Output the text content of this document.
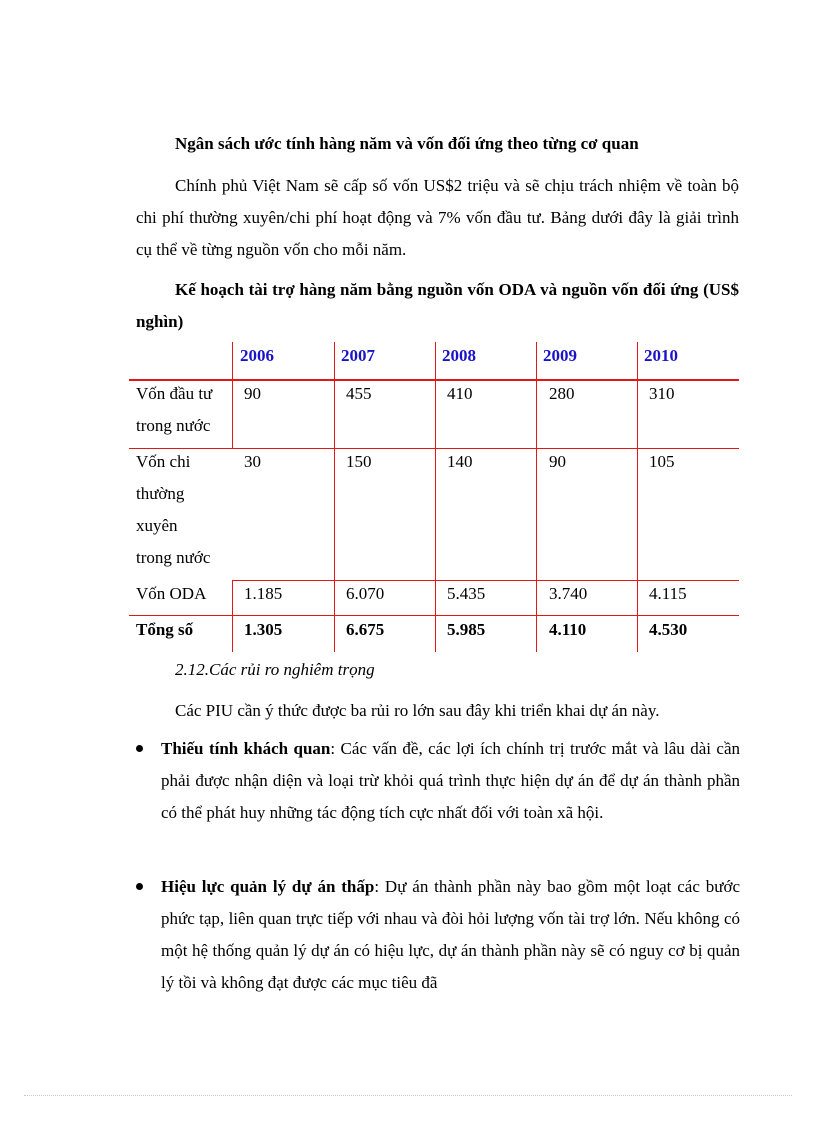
Ngân sách ước tính hàng năm và vốn đối ứng theo từng cơ quan
Chính phủ Việt Nam sẽ cấp số vốn US$2 triệu và sẽ chịu trách nhiệm về toàn bộ chi phí thường xuyên/chi phí hoạt động và 7% vốn đầu tư. Bảng dưới đây là giải trình cụ thể về từng nguồn vốn cho mỗi năm.
Kế hoạch tài trợ hàng năm bằng nguồn vốn ODA và nguồn vốn đối ứng (US$ nghìn)
2006	2007	2008	2009	2010
Vốn đầu tư
trong nước
90	455	410	280	310
Vốn chi
thường
xuyên
trong nước
30	150	140	90	105
Vốn ODA	1.185	6.070	5.435	3.740	4.115
Tổng số	1.305	6.675	5.985	4.110	4.530
2.12.Các rủi ro nghiêm trọng
Các PIU cần ý thức được ba rủi ro lớn sau đây khi triển khai dự án này.
Thiếu tính khách quan: Các vấn đề, các lợi ích chính trị trước mắt và lâu dài cần phải được nhận diện và loại trừ khỏi quá trình thực hiện dự án để dự án thành phần có thể phát huy những tác động tích cực nhất đối với toàn xã hội.
Hiệu lực quản lý dự án thấp: Dự án thành phần này bao gồm một loạt các bước phức tạp, liên quan trực tiếp với nhau và đòi hỏi lượng vốn tài trợ lớn. Nếu không có một hệ thống quản lý dự án có hiệu lực, dự án thành phần này sẽ có nguy cơ bị quản lý tồi và không đạt được các mục tiêu đã
